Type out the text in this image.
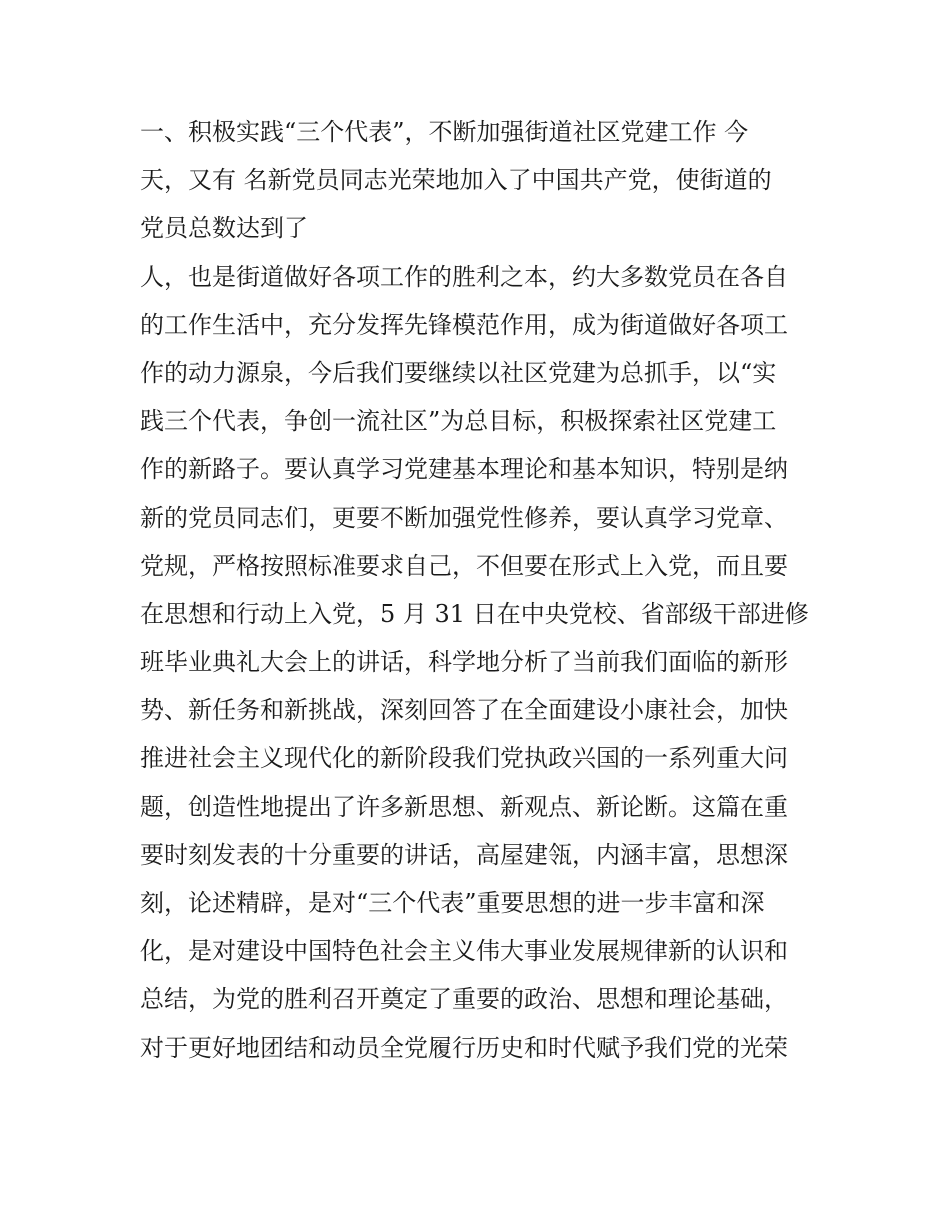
一、积极实践“三个代表”，不断加强街道社区党建工作 今
天，又有 名新党员同志光荣地加入了中国共产党，使街道的
党员总数达到了
人，也是街道做好各项工作的胜利之本，约大多数党员在各自
的工作生活中，充分发挥先锋模范作用，成为街道做好各项工
作的动力源泉，今后我们要继续以社区党建为总抓手，以“实
践三个代表，争创一流社区”为总目标，积极探索社区党建工
作的新路子。要认真学习党建基本理论和基本知识，特别是纳
新的党员同志们，更要不断加强党性修养，要认真学习党章、
党规，严格按照标准要求自己，不但要在形式上入党，而且要
在思想和行动上入党，5 月 31 日在中央党校、省部级干部进修
班毕业典礼大会上的讲话，科学地分析了当前我们面临的新形
势、新任务和新挑战，深刻回答了在全面建设小康社会，加快
推进社会主义现代化的新阶段我们党执政兴国的一系列重大问
题，创造性地提出了许多新思想、新观点、新论断。这篇在重
要时刻发表的十分重要的讲话，高屋建瓴，内涵丰富，思想深
刻，论述精辟，是对“三个代表”重要思想的进一步丰富和深
化，是对建设中国特色社会主义伟大事业发展规律新的认识和
总结，为党的胜利召开奠定了重要的政治、思想和理论基础，
对于更好地团结和动员全党履行历史和时代赋予我们党的光荣
